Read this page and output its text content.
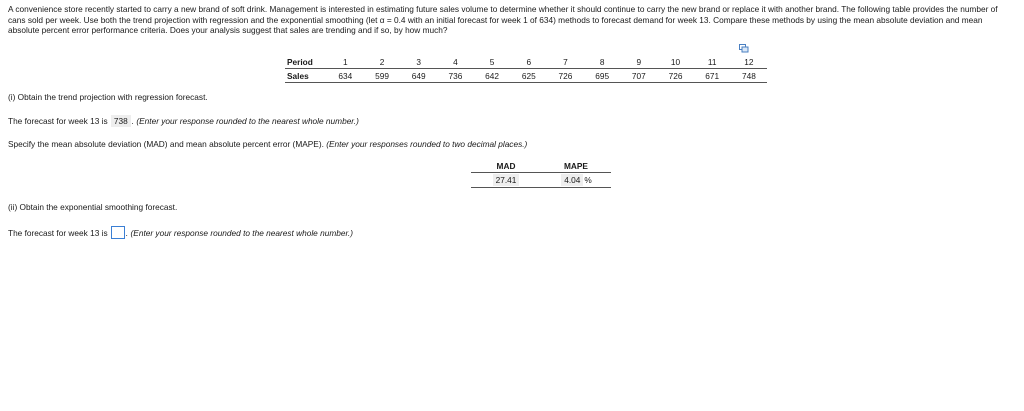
A convenience store recently started to carry a new brand of soft drink. Management is interested in estimating future sales volume to determine whether it should continue to carry the new brand or replace it with another brand. The following table provides the number of cans sold per week. Use both the trend projection with regression and the exponential smoothing (let α = 0.4 with an initial forecast for week 1 of 634) methods to forecast demand for week 13. Compare these methods by using the mean absolute deviation and mean absolute percent error performance criteria. Does your analysis suggest that sales are trending and if so, by how much?
Period	1	2	3	4	5	6	7	8	9	10	11	12
Sales	634	599	649	736	642	625	726	695	707	726	671	748
(i) Obtain the trend projection with regression forecast.
The forecast for week 13 is 738 . (Enter your response rounded to the nearest whole number.)
Specify the mean absolute deviation (MAD) and mean absolute percent error (MAPE). (Enter your responses rounded to two decimal places.)
MAD	MAPE
27.41	4.04 %
(ii) Obtain the exponential smoothing forecast.
The forecast for week 13 is . (Enter your response rounded to the nearest whole number.)
